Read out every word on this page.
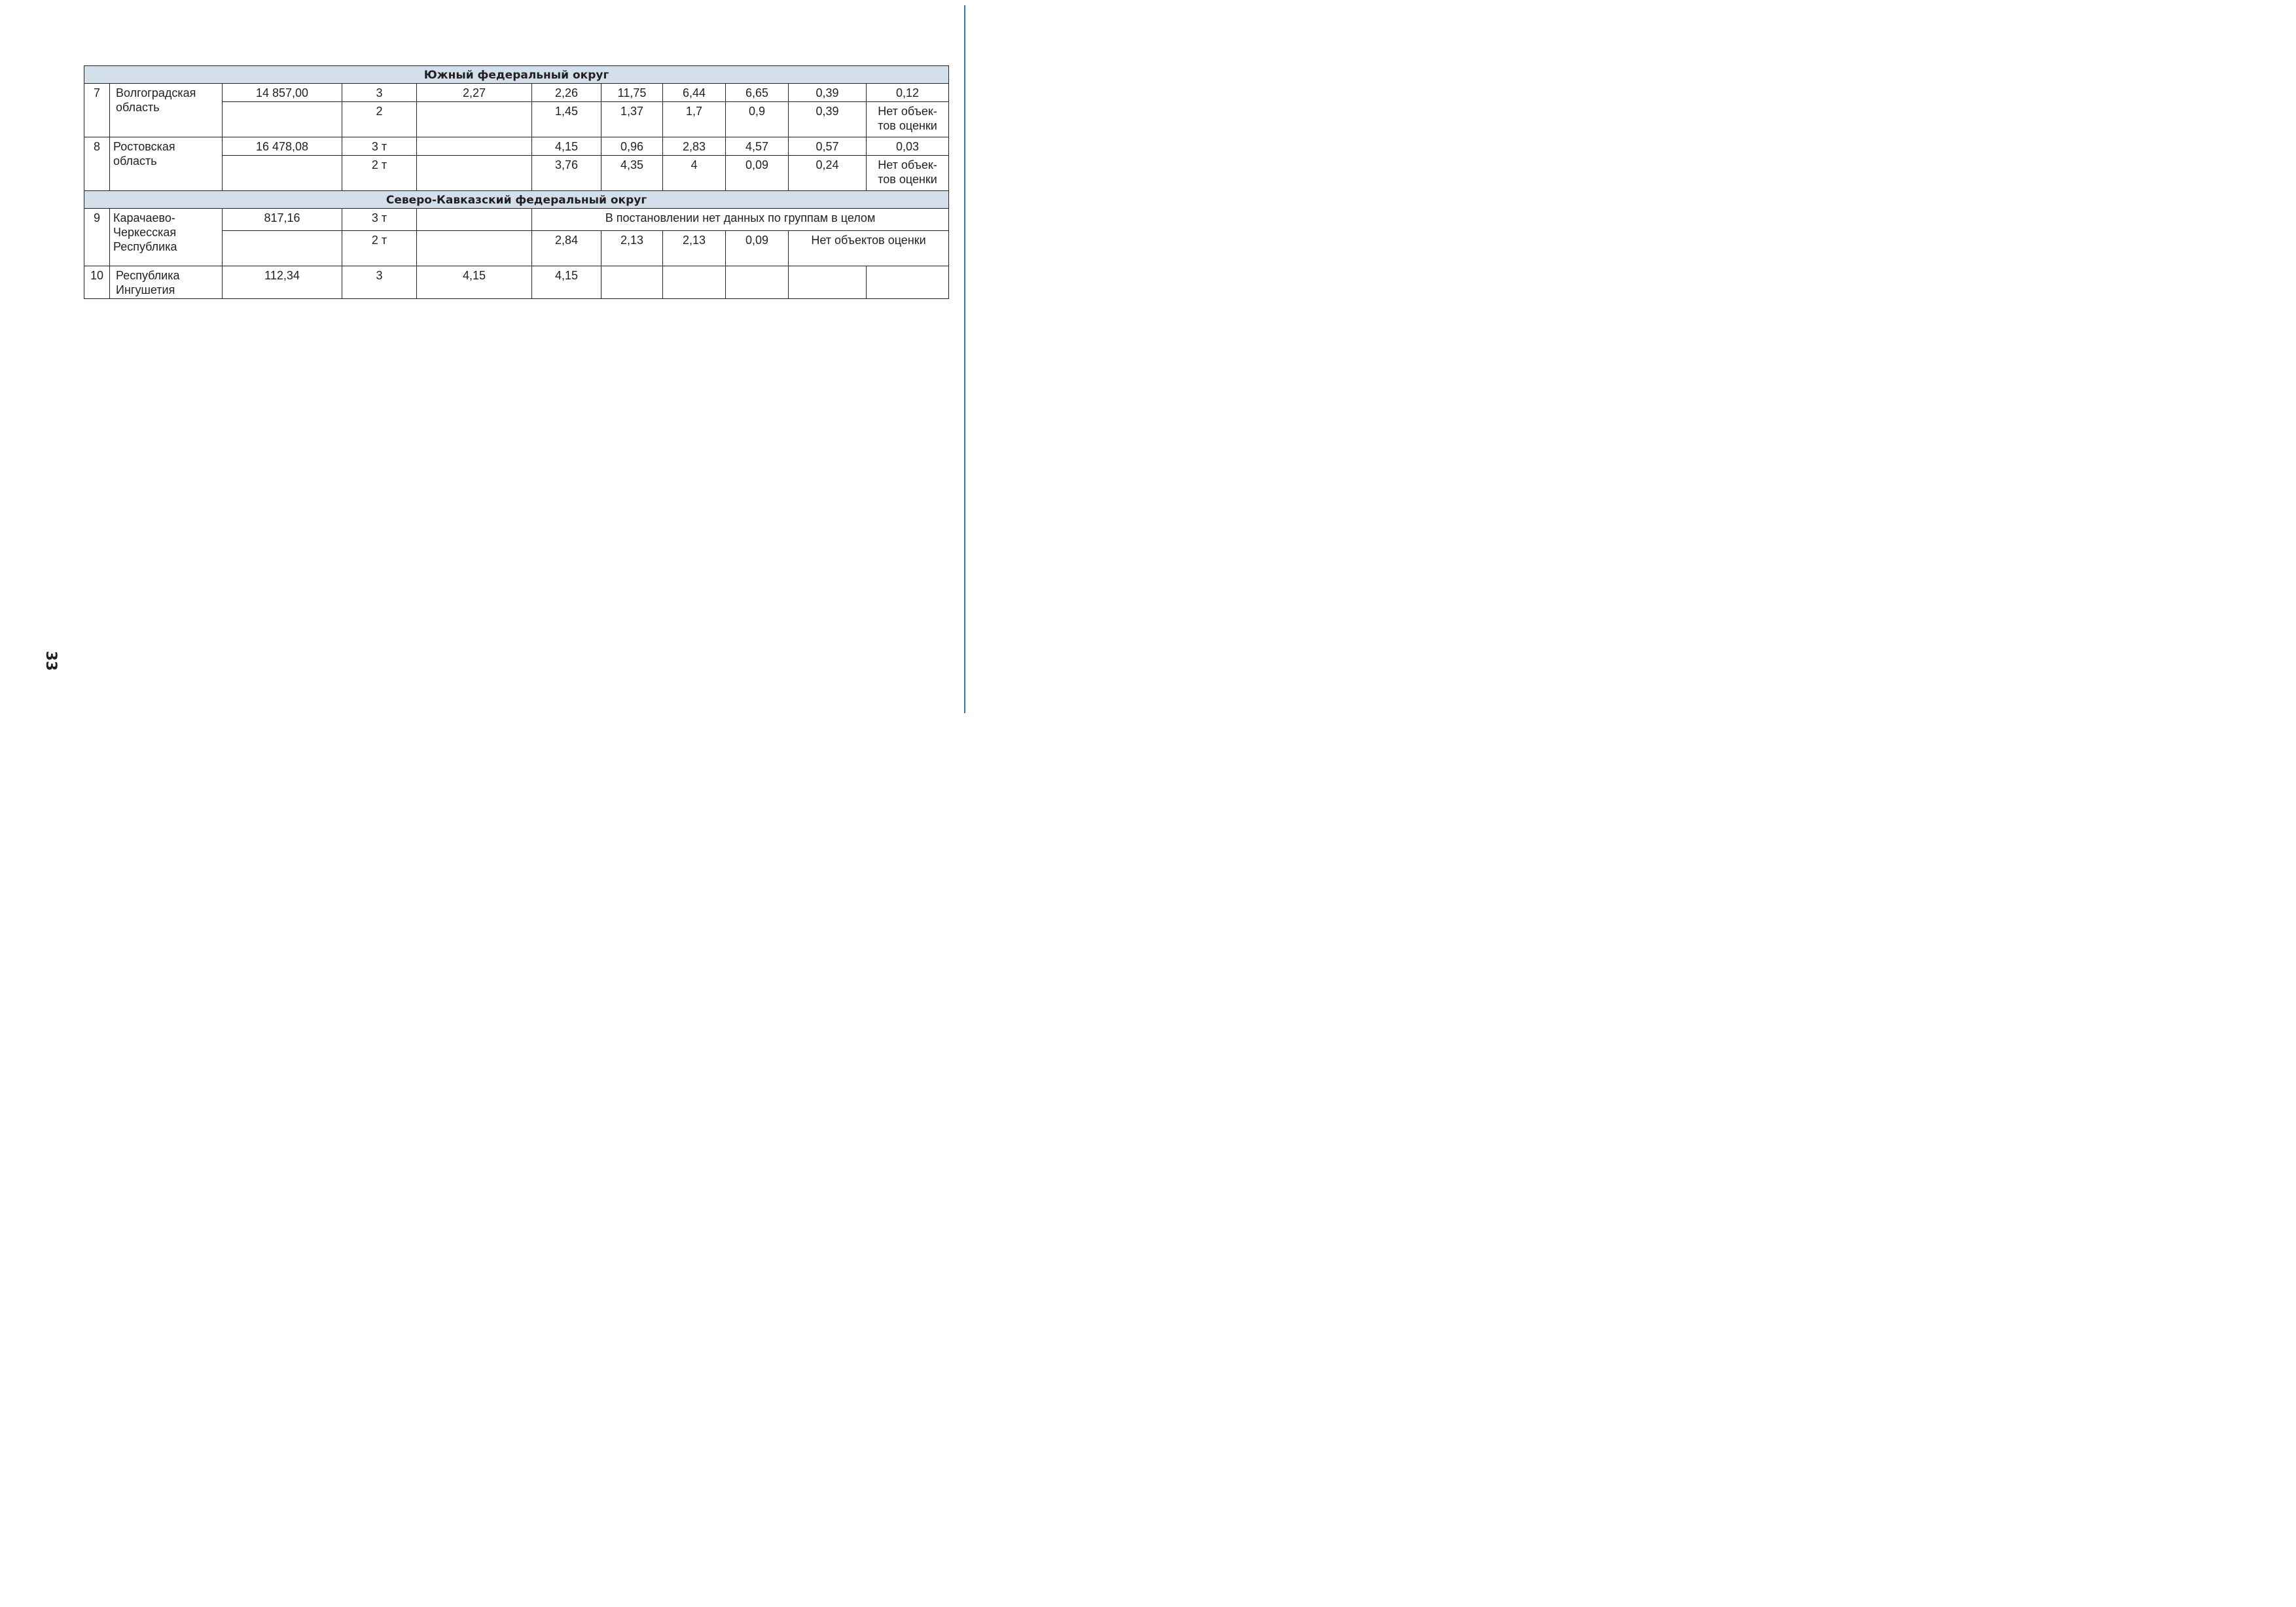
33
Южный федеральный округ										
7	Волгоградская область	14 857,00	3	2,27	2,26	11,75	6,44	6,65	0,39	0,12
			2		1,45	1,37	1,7	0,9	0,39	Нет объек-тов оценки
8	Ростовская область	16 478,08	3 т		4,15	0,96	2,83	4,57	0,57	0,03
			2 т		3,76	4,35	4	0,09	0,24	Нет объек-тов оценки
Северо-Кавказский федеральный округ										
9	Карачаево-Черкесская Республика	817,16	3 т		В постановлении нет данных по группам в целом					
			2 т		2,84	2,13	2,13	0,09	Нет объектов оценки	
10	Республика Ингушетия	112,34	3	4,15	4,15					
